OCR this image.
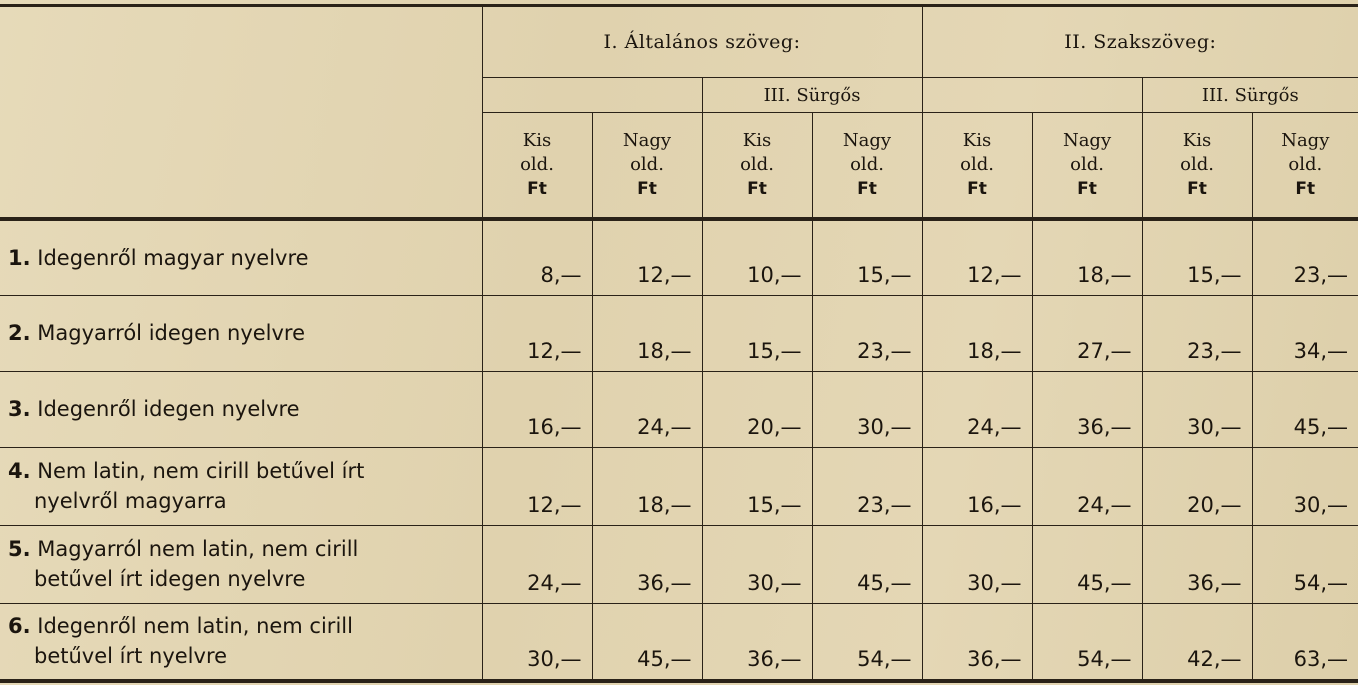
	I. Általános szöveg:				II. Szakszöveg:			
			III. Sürgős				III. Sürgős	
	Kis
old.
Ft	Nagy
old.
Ft	Kis
old.
Ft	Nagy
old.
Ft	Kis
old.
Ft	Nagy
old.
Ft	Kis
old.
Ft	Nagy
old.
Ft
1. Idegenről magyar nyelvre	8,—	12,—	10,—	15,—	12,—	18,—	15,—	23,—
2. Magyarról idegen nyelvre	12,—	18,—	15,—	23,—	18,—	27,—	23,—	34,—
3. Idegenről idegen nyelvre	16,—	24,—	20,—	30,—	24,—	36,—	30,—	45,—
4. Nem latin, nem cirill betűvel írt
nyelvről magyarra	12,—	18,—	15,—	23,—	16,—	24,—	20,—	30,—
5. Magyarról nem latin, nem cirill
betűvel írt idegen nyelvre	24,—	36,—	30,—	45,—	30,—	45,—	36,—	54,—
6. Idegenről nem latin, nem cirill
betűvel írt nyelvre	30,—	45,—	36,—	54,—	36,—	54,—	42,—	63,—
